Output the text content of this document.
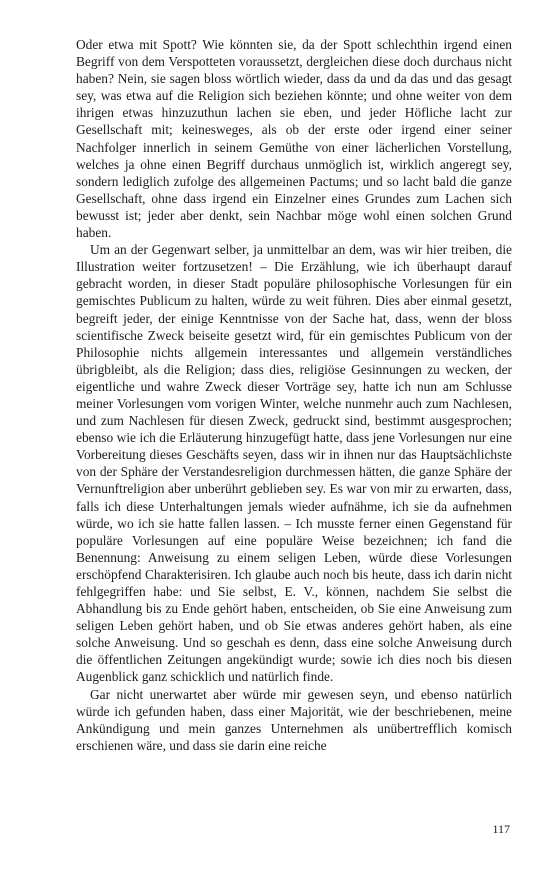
Oder etwa mit Spott? Wie könnten sie, da der Spott schlechthin irgend einen Begriff von dem Verspotteten voraussetzt, dergleichen diese doch durchaus nicht haben? Nein, sie sagen bloss wörtlich wieder, dass da und da das und das gesagt sey, was etwa auf die Religion sich beziehen könnte; und ohne weiter von dem ihrigen etwas hinzuzuthun lachen sie eben, und jeder Höfliche lacht zur Gesellschaft mit; keinesweges, als ob der erste oder irgend einer seiner Nachfolger innerlich in seinem Gemüthe von einer lächerlichen Vorstellung, welches ja ohne einen Begriff durchaus unmöglich ist, wirklich angeregt sey, sondern lediglich zufolge des allgemeinen Pactums; und so lacht bald die ganze Gesellschaft, ohne dass irgend ein Einzelner eines Grundes zum Lachen sich bewusst ist; jeder aber denkt, sein Nachbar möge wohl einen solchen Grund haben.

Um an der Gegenwart selber, ja unmittelbar an dem, was wir hier treiben, die Illustration weiter fortzusetzen! – Die Erzählung, wie ich überhaupt darauf gebracht worden, in dieser Stadt populäre philosophische Vorlesungen für ein gemischtes Publicum zu halten, würde zu weit führen. Dies aber einmal gesetzt, begreift jeder, der einige Kenntnisse von der Sache hat, dass, wenn der bloss scientifische Zweck beiseite gesetzt wird, für ein gemischtes Publicum von der Philosophie nichts allgemein interessantes und allgemein verständliches übrigbleibt, als die Religion; dass dies, religiöse Gesinnungen zu wecken, der eigentliche und wahre Zweck dieser Vorträge sey, hatte ich nun am Schlusse meiner Vorlesungen vom vorigen Winter, welche nunmehr auch zum Nachlesen, und zum Nachlesen für diesen Zweck, gedruckt sind, bestimmt ausgesprochen; ebenso wie ich die Erläuterung hinzugefügt hatte, dass jene Vorlesungen nur eine Vorbereitung dieses Geschäfts seyen, dass wir in ihnen nur das Hauptsächlichste von der Sphäre der Verstandesreligion durchmessen hätten, die ganze Sphäre der Vernunftreligion aber unberührt geblieben sey. Es war von mir zu erwarten, dass, falls ich diese Unterhaltungen jemals wieder aufnähme, ich sie da aufnehmen würde, wo ich sie hatte fallen lassen. – Ich musste ferner einen Gegenstand für populäre Vorlesungen auf eine populäre Weise bezeichnen; ich fand die Benennung: Anweisung zu einem seligen Leben, würde diese Vorlesungen erschöpfend Charakterisiren. Ich glaube auch noch bis heute, dass ich darin nicht fehlgegriffen habe: und Sie selbst, E. V., können, nachdem Sie selbst die Abhandlung bis zu Ende gehört haben, entscheiden, ob Sie eine Anweisung zum seligen Leben gehört haben, und ob Sie etwas anderes gehört haben, als eine solche Anweisung. Und so geschah es denn, dass eine solche Anweisung durch die öffentlichen Zeitungen angekündigt wurde; sowie ich dies noch bis diesen Augenblick ganz schicklich und natürlich finde.

Gar nicht unerwartet aber würde mir gewesen seyn, und ebenso natürlich würde ich gefunden haben, dass einer Majorität, wie der beschriebenen, meine Ankündigung und mein ganzes Unternehmen als unübertrefflich komisch erschienen wäre, und dass sie darin eine reiche

117
